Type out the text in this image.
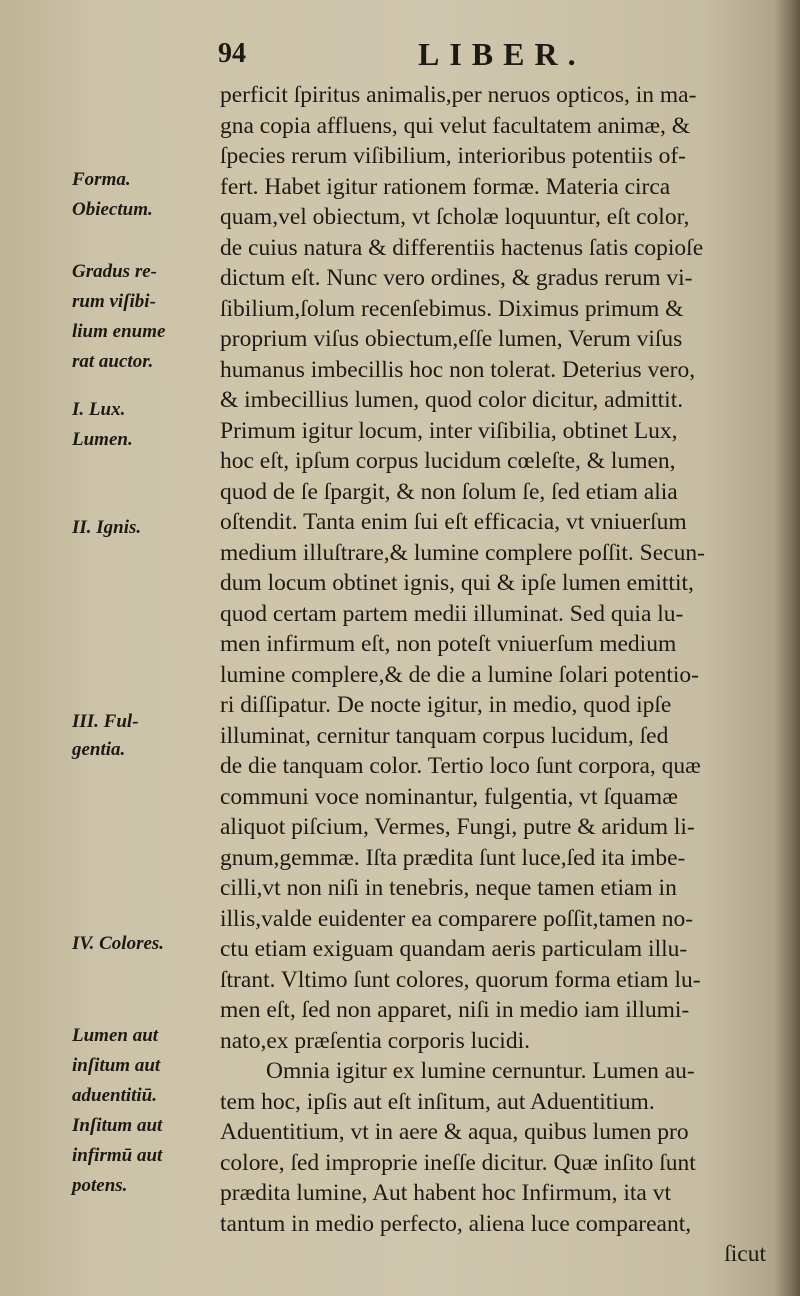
94	LIBER.
Forma.
Obiectum.
Gradus re-
rum viſibi-
lium enume
rat auctor.
I. Lux.
Lumen.
II. Ignis.
III. Ful-
gentia.
IV. Colores.
Lumen aut
inſitum aut
aduentitiū.
Inſitum aut
infirmū aut
potens.
perficit ſpiritus animalis,per neruos opticos, in ma-
gna copia affluens, qui velut facultatem animæ, &
ſpecies rerum viſibilium, interioribus potentiis of-
fert. Habet igitur rationem formæ. Materia circa
quam,vel obiectum, vt ſcholæ loquuntur, eſt color,
de cuius natura & differentiis hactenus ſatis copioſe
dictum eſt. Nunc vero ordines, & gradus rerum vi-
ſibilium,ſolum recenſebimus. Diximus primum &
proprium viſus obiectum,eſſe lumen, Verum viſus
humanus imbecillis hoc non tolerat. Deterius vero,
& imbecillius lumen, quod color dicitur, admittit.
Primum igitur locum, inter viſibilia, obtinet Lux,
hoc eſt, ipſum corpus lucidum cœleſte, & lumen,
quod de ſe ſpargit, & non ſolum ſe, ſed etiam alia
oſtendit. Tanta enim ſui eſt efficacia, vt vniuerſum
medium illuſtrare,& lumine complere poſſit. Secun-
dum locum obtinet ignis, qui & ipſe lumen emittit,
quod certam partem medii illuminat. Sed quia lu-
men infirmum eſt, non poteſt vniuerſum medium
lumine complere,& de die a lumine ſolari potentio-
ri diſſipatur. De nocte igitur, in medio, quod ipſe
illuminat, cernitur tanquam corpus lucidum, ſed
de die tanquam color. Tertio loco ſunt corpora, quæ
communi voce nominantur, fulgentia, vt ſquamæ
aliquot piſcium, Vermes, Fungi, putre & aridum li-
gnum,gemmæ. Iſta prædita ſunt luce,ſed ita imbe-
cilli,vt non niſi in tenebris, neque tamen etiam in
illis,valde euidenter ea comparere poſſit,tamen no-
ctu etiam exiguam quandam aeris particulam illu-
ſtrant. Vltimo ſunt colores, quorum forma etiam lu-
men eſt, ſed non apparet, niſi in medio iam illumi-
nato,ex præſentia corporis lucidi.
Omnia igitur ex lumine cernuntur. Lumen au-
tem hoc, ipſis aut eſt inſitum, aut Aduentitium.
Aduentitium, vt in aere & aqua, quibus lumen pro
colore, ſed improprie ineſſe dicitur. Quæ inſito ſunt
prædita lumine, Aut habent hoc Infirmum, ita vt
tantum in medio perfecto, aliena luce compareant,
ſicut
